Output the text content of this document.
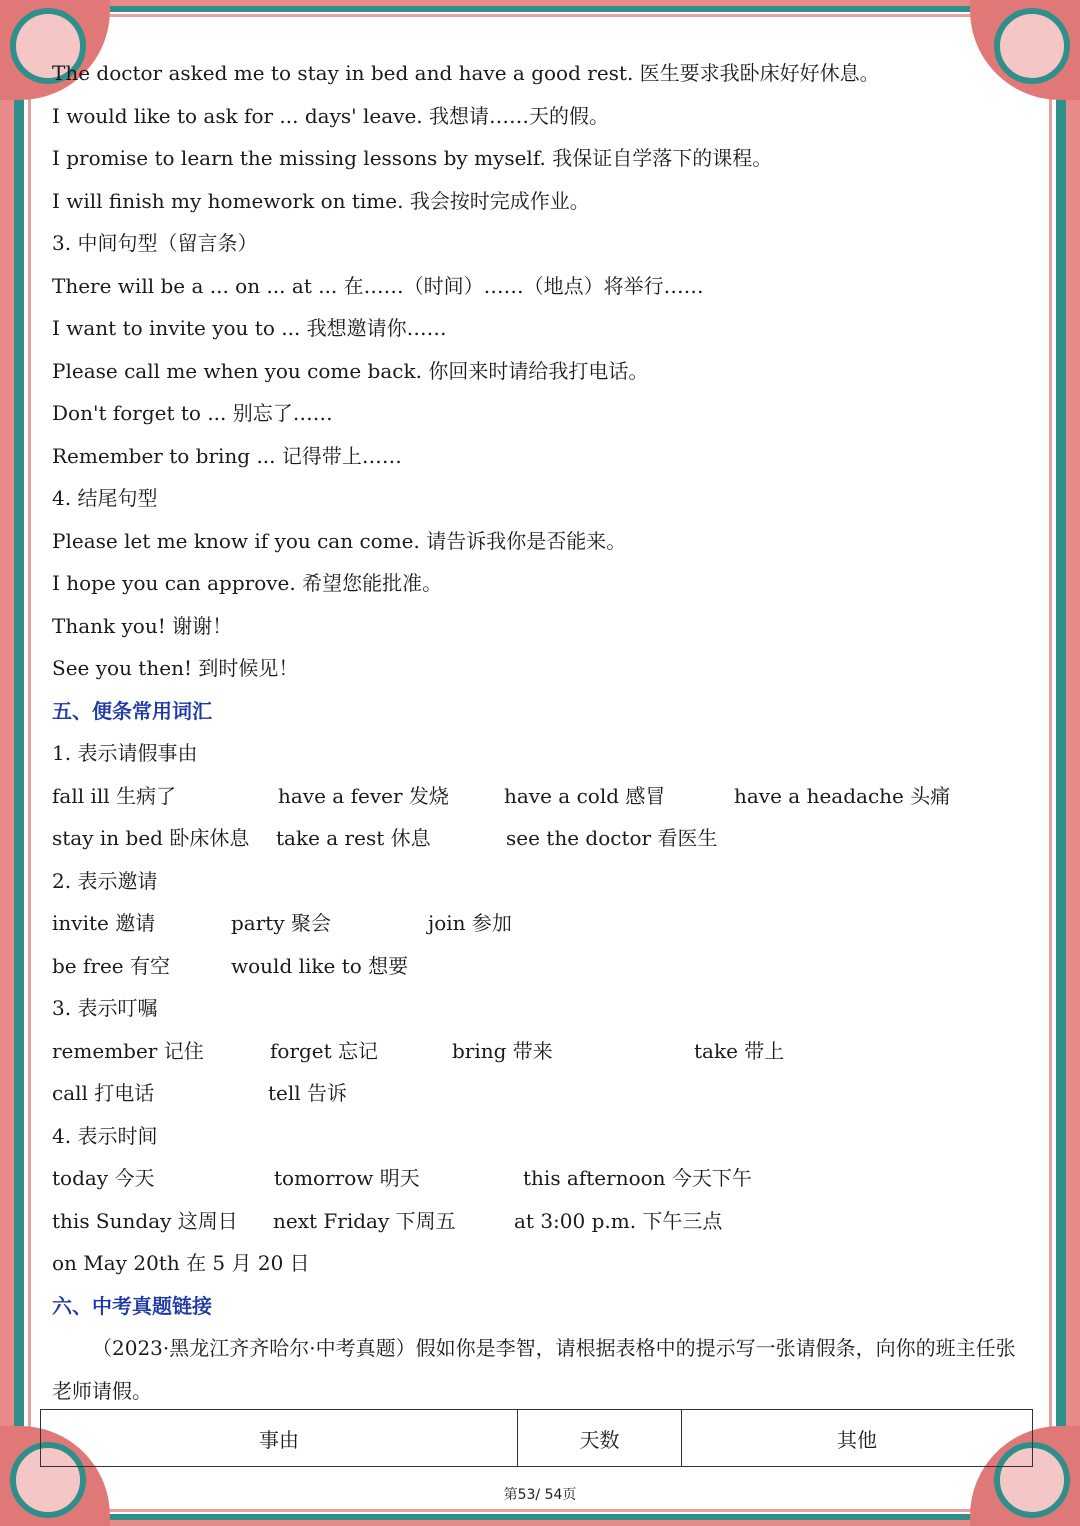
The doctor asked me to stay in bed and have a good rest. 医生要求我卧床好好休息。
I would like to ask for ... days' leave. 我想请……天的假。
I promise to learn the missing lessons by myself. 我保证自学落下的课程。
I will finish my homework on time. 我会按时完成作业。
3. 中间句型（留言条）
There will be a ... on ... at ... 在……（时间）……（地点）将举行……
I want to invite you to ... 我想邀请你……
Please call me when you come back. 你回来时请给我打电话。
Don't forget to ... 别忘了……
Remember to bring ... 记得带上……
4. 结尾句型
Please let me know if you can come. 请告诉我你是否能来。
I hope you can approve. 希望您能批准。
Thank you! 谢谢！
See you then! 到时候见！
五、便条常用词汇
1. 表示请假事由
fall ill 生病了	have a fever 发烧	have a cold 感冒	have a headache 头痛
stay in bed 卧床休息 take a rest 休息	see the doctor 看医生
2. 表示邀请
invite 邀请	party 聚会	join 参加
be free 有空	would like to 想要
3. 表示叮嘱
remember 记住	forget 忘记	bring 带来	take 带上
call 打电话	tell 告诉
4. 表示时间
today 今天	tomorrow 明天	this afternoon 今天下午
this Sunday 这周日 next Friday 下周五	at 3:00 p.m. 下午三点
on May 20th 在 5 月 20 日
六、中考真题链接
（2023·黑龙江齐齐哈尔·中考真题）假如你是李智，请根据表格中的提示写一张请假条，向你的班主任张老师请假。
事由	天数	其他
第53/ 54页
